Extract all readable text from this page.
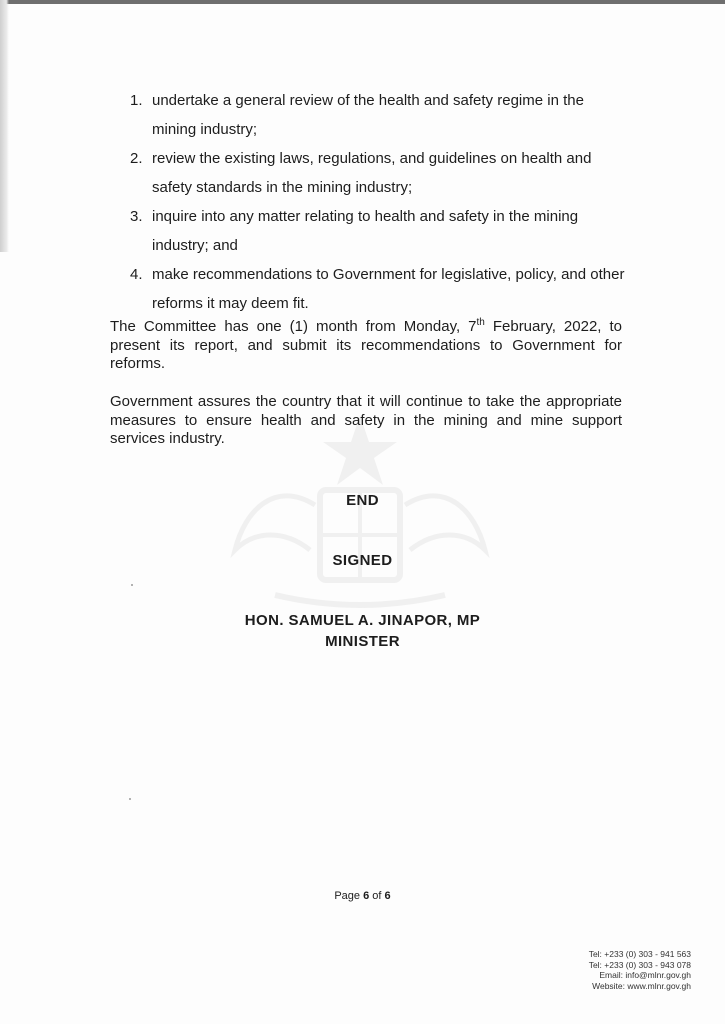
1. undertake a general review of the health and safety regime in the mining industry;
2. review the existing laws, regulations, and guidelines on health and safety standards in the mining industry;
3. inquire into any matter relating to health and safety in the mining industry; and
4. make recommendations to Government for legislative, policy, and other reforms it may deem fit.

The Committee has one (1) month from Monday, 7th February, 2022, to present its report, and submit its recommendations to Government for reforms.

Government assures the country that it will continue to take the appropriate measures to ensure health and safety in the mining and mine support services industry.

END
SIGNED
HON. SAMUEL A. JINAPOR, MP
MINISTER
Page 6 of 6
Tel: +233 (0) 303 - 941 563
Tel: +233 (0) 303 - 943 078
Email: info@mlnr.gov.gh
Website: www.mlnr.gov.gh
